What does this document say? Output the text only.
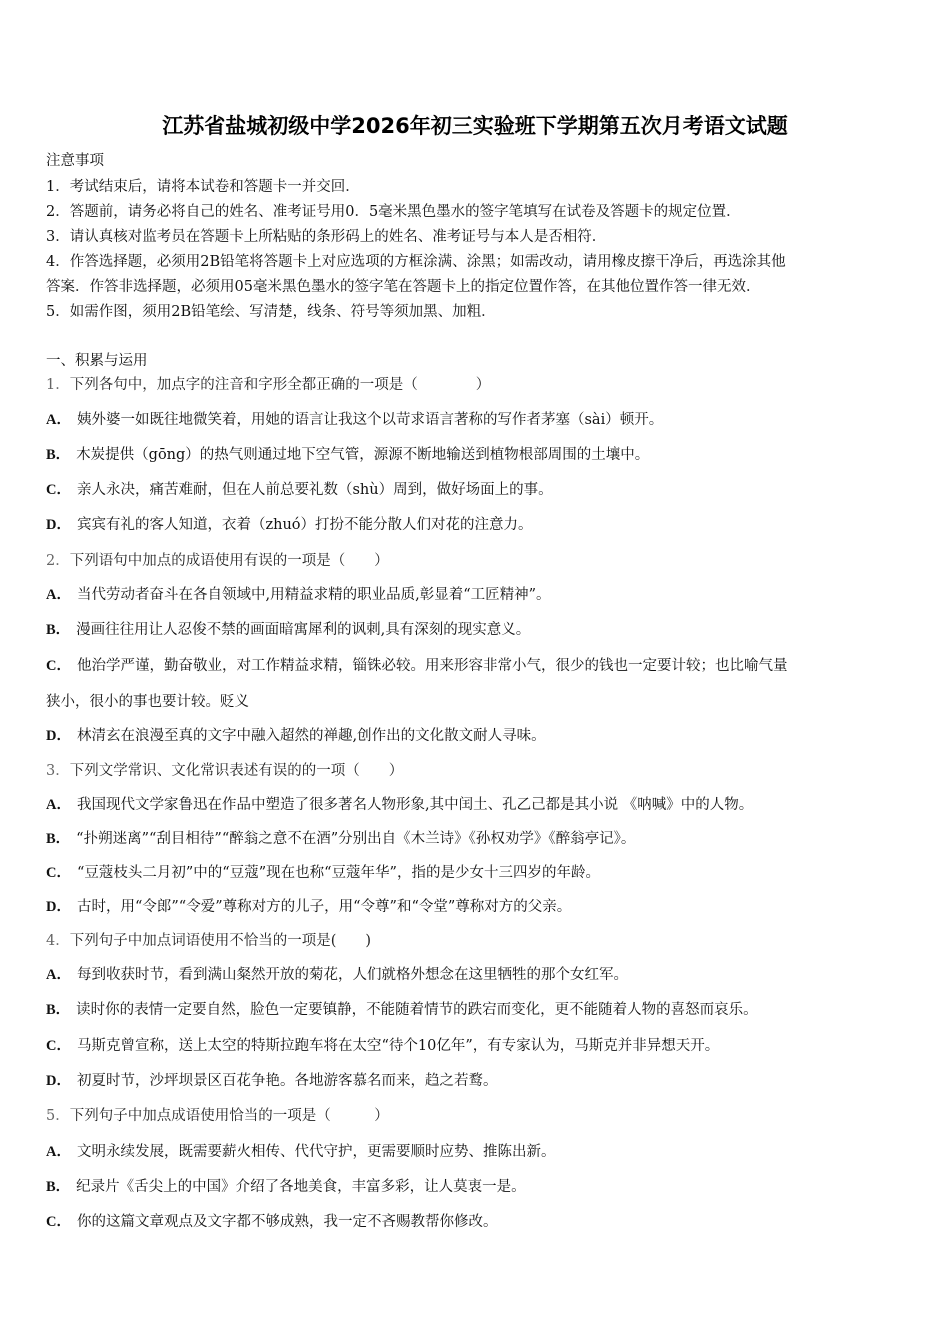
江苏省盐城初级中学2026年初三实验班下学期第五次月考语文试题
注意事项
1．考试结束后，请将本试卷和答题卡一并交回．
2．答题前，请务必将自己的姓名、准考证号用0．5毫米黑色墨水的签字笔填写在试卷及答题卡的规定位置．
3．请认真核对监考员在答题卡上所粘贴的条形码上的姓名、准考证号与本人是否相符．
4．作答选择题，必须用2B铅笔将答题卡上对应选项的方框涂满、涂黑；如需改动，请用橡皮擦干净后，再选涂其他
答案．作答非选择题，必须用05毫米黑色墨水的签字笔在答题卡上的指定位置作答，在其他位置作答一律无效．
5．如需作图，须用2B铅笔绘、写清楚，线条、符号等须加黑、加粗．
一、积累与运用
1．下列各句中，加点字的注音和字形全都正确的一项是（　　　　）
A． 姨外婆一如既往地微笑着，用她的语言让我这个以苛求语言著称的写作者茅塞（sài）顿开。
B． 木炭提供（gōng）的热气则通过地下空气管，源源不断地输送到植物根部周围的土壤中。
C． 亲人永决，痛苦难耐，但在人前总要礼数（shù）周到，做好场面上的事。
D． 宾宾有礼的客人知道，衣着（zhuó）打扮不能分散人们对花的注意力。
2．下列语句中加点的成语使用有误的一项是（　　）
A． 当代劳动者奋斗在各自领域中,用精益求精的职业品质,彰显着“工匠精神”。
B． 漫画往往用让人忍俊不禁的画面暗寓犀利的讽刺,具有深刻的现实意义。
C． 他治学严谨，勤奋敬业，对工作精益求精，锱铢必较。用来形容非常小气，很少的钱也一定要计较；也比喻气量
狭小，很小的事也要计较。贬义
D． 林清玄在浪漫至真的文字中融入超然的禅趣,创作出的文化散文耐人寻味。
3．下列文学常识、文化常识表述有误的的一项（　　）
A． 我国现代文学家鲁迅在作品中塑造了很多著名人物形象,其中闰土、孔乙己都是其小说 《呐喊》中的人物。
B． “扑朔迷离”“刮目相待”“醉翁之意不在酒”分别出自《木兰诗》《孙权劝学》《醉翁亭记》。
C． “豆蔻枝头二月初”中的“豆蔻”现在也称“豆蔻年华”，指的是少女十三四岁的年龄。
D． 古时，用“令郎”“令爱”尊称对方的儿子，用“令尊”和“令堂”尊称对方的父亲。
4．下列句子中加点词语使用不恰当的一项是(　　)
A． 每到收获时节，看到满山粲然开放的菊花，人们就格外想念在这里牺牲的那个女红军。
B． 读时你的表情一定要自然，脸色一定要镇静，不能随着情节的跌宕而变化，更不能随着人物的喜怒而哀乐。
C． 马斯克曾宣称，送上太空的特斯拉跑车将在太空“待个10亿年”，有专家认为，马斯克并非异想天开。
D． 初夏时节，沙坪坝景区百花争艳。各地游客慕名而来，趋之若鹜。
5．下列句子中加点成语使用恰当的一项是（　　　）
A． 文明永续发展，既需要薪火相传、代代守护，更需要顺时应势、推陈出新。
B． 纪录片《舌尖上的中国》介绍了各地美食，丰富多彩，让人莫衷一是。
C． 你的这篇文章观点及文字都不够成熟，我一定不吝赐教帮你修改。
